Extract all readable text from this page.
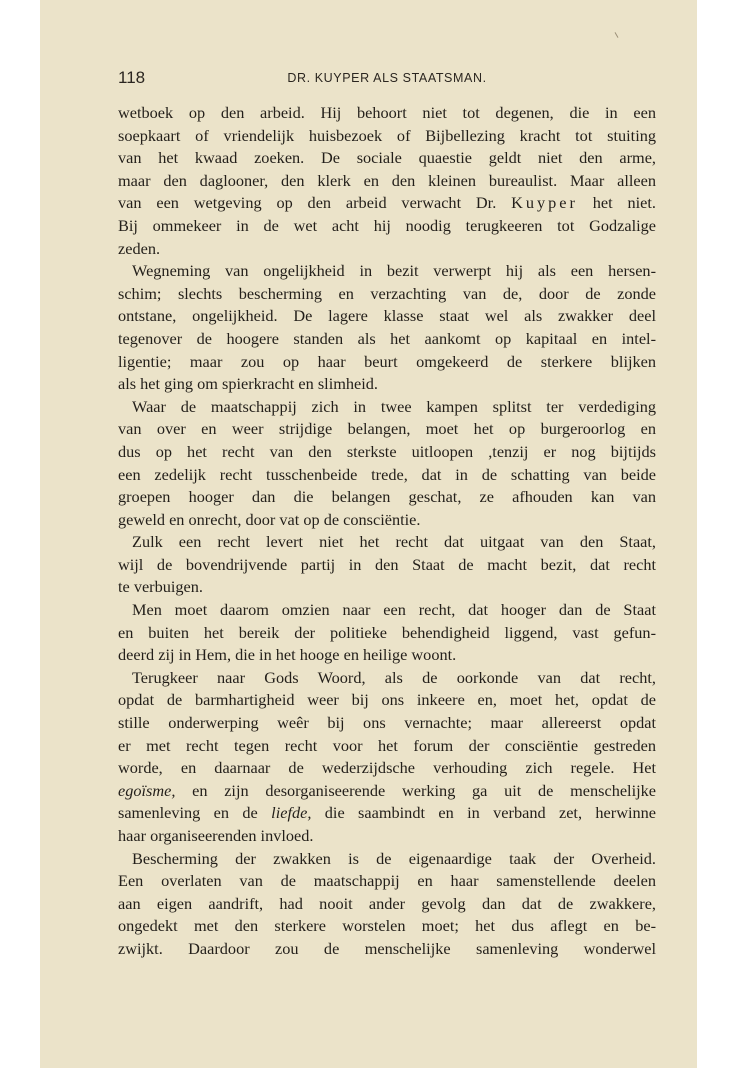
118	DR. KUYPER ALS STAATSMAN.
wetboek op den arbeid. Hij behoort niet tot degenen, die in een
soepkaart of vriendelijk huisbezoek of Bijbellezing kracht tot stuiting
van het kwaad zoeken. De sociale quaestie geldt niet den arme,
maar den daglooner, den klerk en den kleinen bureaulist. Maar alleen
van een wetgeving op den arbeid verwacht Dr. Kuyper het niet.
Bij ommekeer in de wet acht hij noodig terugkeeren tot Godzalige
zeden.
Wegneming van ongelijkheid in bezit verwerpt hij als een hersen-
schim; slechts bescherming en verzachting van de, door de zonde
ontstane, ongelijkheid. De lagere klasse staat wel als zwakker deel
tegenover de hoogere standen als het aankomt op kapitaal en intel-
ligentie; maar zou op haar beurt omgekeerd de sterkere blijken
als het ging om spierkracht en slimheid.
Waar de maatschappij zich in twee kampen splitst ter verdediging
van over en weer strijdige belangen, moet het op burgeroorlog en
dus op het recht van den sterkste uitloopen ,tenzij er nog bijtijds
een zedelijk recht tusschenbeide trede, dat in de schatting van beide
groepen hooger dan die belangen geschat, ze afhouden kan van
geweld en onrecht, door vat op de consciëntie.
Zulk een recht levert niet het recht dat uitgaat van den Staat,
wijl de bovendrijvende partij in den Staat de macht bezit, dat recht
te verbuigen.
Men moet daarom omzien naar een recht, dat hooger dan de Staat
en buiten het bereik der politieke behendigheid liggend, vast gefun-
deerd zij in Hem, die in het hooge en heilige woont.
Terugkeer naar Gods Woord, als de oorkonde van dat recht,
opdat de barmhartigheid weer bij ons inkeere en, moet het, opdat de
stille onderwerping weêr bij ons vernachte; maar allereerst opdat
er met recht tegen recht voor het forum der consciëntie gestreden
worde, en daarnaar de wederzijdsche verhouding zich regele. Het
egoïsme, en zijn desorganiseerende werking ga uit de menschelijke
samenleving en de liefde, die saambindt en in verband zet, herwinne
haar organiseerenden invloed.
Bescherming der zwakken is de eigenaardige taak der Overheid.
Een overlaten van de maatschappij en haar samenstellende deelen
aan eigen aandrift, had nooit ander gevolg dan dat de zwakkere,
ongedekt met den sterkere worstelen moet; het dus aflegt en be-
zwijkt. Daardoor zou de menschelijke samenleving wonderwel
